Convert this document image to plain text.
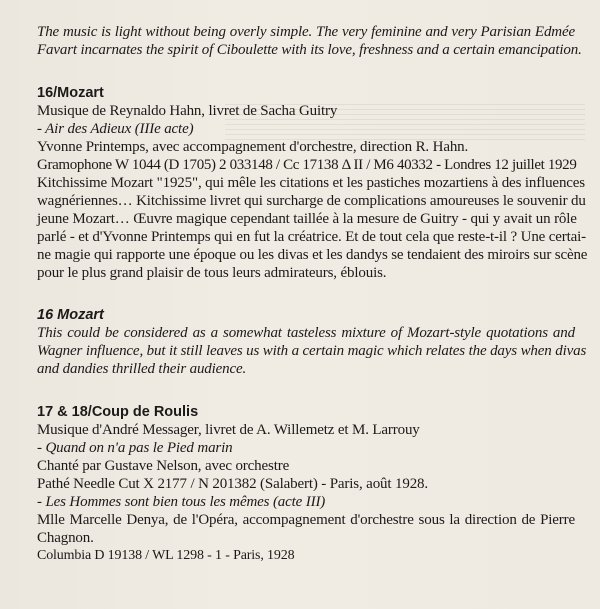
The music is light without being overly simple. The very feminine and very Parisian Edmée
Favart incarnates the spirit of Ciboulette with its love, freshness and a certain emancipation.
16/Mozart
Musique de Reynaldo Hahn, livret de Sacha Guitry
- Air des Adieux (IIIe acte)
Yvonne Printemps, avec accompagnement d'orchestre, direction R. Hahn.
Gramophone W 1044 (D 1705) 2 033148 / Cc 17138 Δ II / M6 40332 - Londres 12 juillet 1929
Kitchissime Mozart "1925", qui mêle les citations et les pastiches mozartiens à des influences
wagnériennes… Kitchissime livret qui surcharge de complications amoureuses le souvenir du
jeune Mozart… Œuvre magique cependant taillée à la mesure de Guitry - qui y avait un rôle
parlé - et d'Yvonne Printemps qui en fut la créatrice. Et de tout cela que reste-t-il ? Une certai-
ne magie qui rapporte une époque ou les divas et les dandys se tendaient des miroirs sur scène
pour le plus grand plaisir de tous leurs admirateurs, éblouis.
16 Mozart
This could be considered as a somewhat tasteless mixture of Mozart-style quotations and
Wagner influence, but it still leaves us with a certain magic which relates the days when divas
and dandies thrilled their audience.
17 & 18/Coup de Roulis
Musique d'André Messager, livret de A. Willemetz et M. Larrouy
- Quand on n'a pas le Pied marin
Chanté par Gustave Nelson, avec orchestre
Pathé Needle Cut X 2177 / N 201382 (Salabert) - Paris, août 1928.
- Les Hommes sont bien tous les mêmes (acte III)
Mlle Marcelle Denya, de l'Opéra, accompagnement d'orchestre sous la direction de Pierre
Chagnon.
Columbia D 19138 / WL 1298 - 1 - Paris, 1928
